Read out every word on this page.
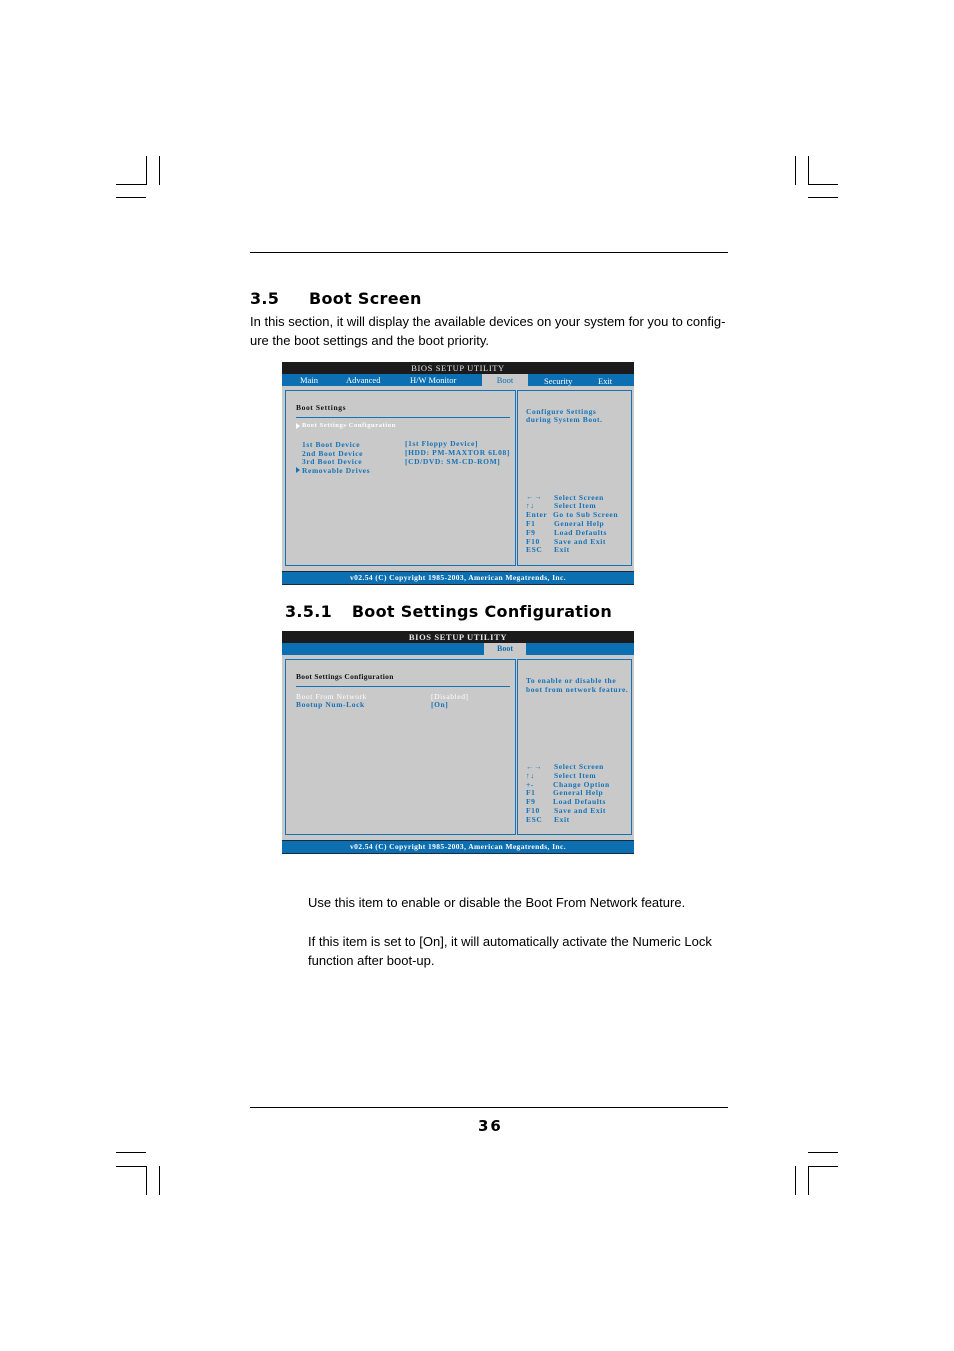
3.5 Boot Screen
In this section, it will display the available devices on your system for you to config-ure the boot settings and the boot priority.
BIOS SETUP UTILITY
Main	Advanced	H/W Monitor	Boot	Security	Exit
Boot Settings
Boot Settings Configuration
1st Boot Device	[1st Floppy Device]
2nd Boot Device	[HDD: PM-MAXTOR 6L08]
3rd Boot Device	[CD/DVD: SM-CD-ROM]
Removable Drives
Configure Settings
during System Boot.
←→ Select Screen
↑↓	Select Item
Enter Go to Sub Screen
F1 General Help
F9 Load Defaults
F10 Save and Exit
ESC Exit
v02.54 (C) Copyright 1985-2003, American Megatrends, Inc.
3.5.1 Boot Settings Configuration
BIOS SETUP UTILITY
Boot
Boot Settings Configuration
Boot From Network	[Disabled]
Bootup Num-Lock	[On]
To enable or disable the
boot from network feature.
←→ Select Screen
↑↓	Select Item
+-	Change Option
F1 General Help
F9 Load Defaults
F10 Save and Exit
ESC Exit
v02.54 (C) Copyright 1985-2003, American Megatrends, Inc.
Use this item to enable or disable the Boot From Network feature.
If this item is set to [On], it will automatically activate the Numeric Lock
function after boot-up.
36
